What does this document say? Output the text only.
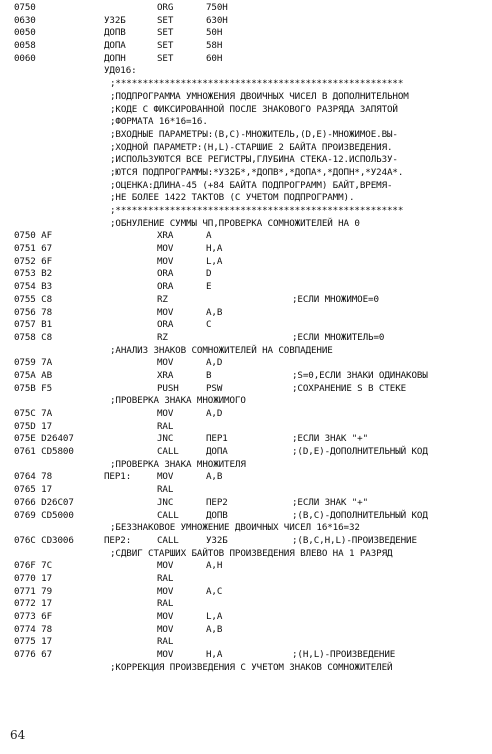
0750	ORG	750H
0630	У32Б	SET	630H
0050	ДОПВ	SET	50H
0058	ДОПА	SET	58H
0060	ДОПН	SET	60H
УД016:
;*****************************************************
;ПОДПРОГРАММА УМНОЖЕНИЯ ДВОИЧНЫХ ЧИСЕЛ В ДОПОЛНИТЕЛЬНОМ
;КОДЕ С ФИКСИРОВАННОЙ ПОСЛЕ ЗНАКОВОГО РАЗРЯДА ЗАПЯТОЙ
;ФОРМАТА 16*16=16.
;ВХОДНЫЕ ПАРАМЕТРЫ:(B,C)-МНОЖИТЕЛЬ,(D,E)-МНОЖИМОЕ.ВЫ-
;ХОДНОЙ ПАРАМЕТР:(H,L)-СТАРШИЕ 2 БАЙТА ПРОИЗВЕДЕНИЯ.
;ИСПОЛЬЗУЮТСЯ ВСЕ РЕГИСТРЫ,ГЛУБИНА СТЕКА-12.ИСПОЛЬЗУ-
;ЮТСЯ ПОДПРОГРАММЫ:*У32Б*,*ДОПВ*,*ДОПА*,*ДОПН*,*У24А*.
;ОЦЕНКА:ДЛИНА-45 (+84 БАЙТА ПОДПРОГРАММ) БАЙТ,ВРЕМЯ-
;НЕ БОЛЕЕ 1422 ТАКТОВ (С УЧЕТОМ ПОДПРОГРАММ).
;*****************************************************
;ОБНУЛЕНИЕ СУММЫ ЧП,ПРОВЕРКА СОМНОЖИТЕЛЕЙ НА 0
0750 AF	XRA	A
0751 67	MOV	H,A
0752 6F	MOV	L,A
0753 B2	ORA	D
0754 B3	ORA	E
0755 C8	RZ	;ЕСЛИ МНОЖИМОЕ=0
0756 78	MOV	A,B
0757 B1	ORA	C
0758 C8	RZ	;ЕСЛИ МНОЖИТЕЛЬ=0
;АНАЛИЗ ЗНАКОВ СОМНОЖИТЕЛЕЙ НА СОВПАДЕНИЕ
0759 7A	MOV	A,D
075A AB	XRA	B	;S=0,ЕСЛИ ЗНАКИ ОДИНАКОВЫ
075B F5	PUSH	PSW	;СОХРАНЕНИЕ S В СТЕКЕ
;ПРОВЕРКА ЗНАКА МНОЖИМОГО
075C 7A	MOV	A,D
075D 17	RAL
075E D26407	JNC	ПЕР1	;ЕСЛИ ЗНАК "+"
0761 CD5800	CALL	ДОПА	;(D,E)-ДОПОЛНИТЕЛЬНЫЙ КОД
;ПРОВЕРКА ЗНАКА МНОЖИТЕЛЯ
0764 78	ПЕР1:	MOV	A,B
0765 17	RAL
0766 D26C07	JNC	ПЕР2	;ЕСЛИ ЗНАК "+"
0769 CD5000	CALL	ДОПВ	;(B,C)-ДОПОЛНИТЕЛЬНЫЙ КОД
;БЕЗЗНАКОВОЕ УМНОЖЕНИЕ ДВОИЧНЫХ ЧИСЕЛ 16*16=32
076C CD3006	ПЕР2:	CALL	У32Б	;(B,C,H,L)-ПРОИЗВЕДЕНИЕ
;СДВИГ СТАРШИХ БАЙТОВ ПРОИЗВЕДЕНИЯ ВЛЕВО НА 1 РАЗРЯД
076F 7C	MOV	A,H
0770 17	RAL
0771 79	MOV	A,C
0772 17	RAL
0773 6F	MOV	L,A
0774 78	MOV	A,B
0775 17	RAL
0776 67	MOV	H,A	;(H,L)-ПРОИЗВЕДЕНИЕ
;КОРРЕКЦИЯ ПРОИЗВЕДЕНИЯ С УЧЕТОМ ЗНАКОВ СОМНОЖИТЕЛЕЙ
64
